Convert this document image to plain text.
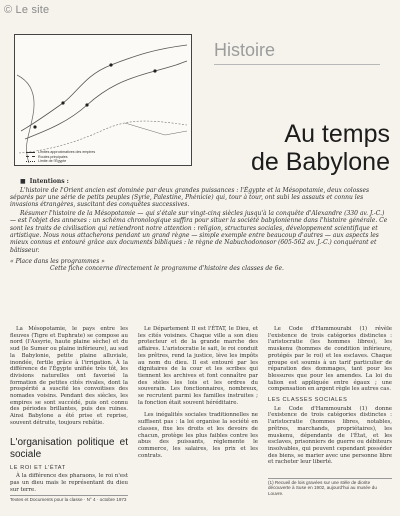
© Le site
Limites approximatives des empires
Routes principales
Limite de l'Égypte
Histoire
Au temps
de Babylone

■ Intentions :

L'histoire de l'Orient ancien est dominée par deux grandes puissances : l'Égypte et la Mésopotamie, deux colosses séparés par une série de petits peuples (Syrie, Palestine, Phénicie) qui, tour à tour, ont subi les assauts et connu les invasions étrangères, suscitant des conquêtes successives.

Résumer l'histoire de la Mésopotamie — qui s'étale sur vingt-cinq siècles jusqu'à la conquête d'Alexandre (330 av. J.-C.) — est l'objet des annexes : un schéma chronologique suffira pour situer la société babylonienne dans l'histoire générale. Ce sont les traits de civilisation qui retiendront notre attention : religion, structures sociales, développement scientifique et artistique. Nous nous attacherons pendant un grand règne — simple exemple entre beaucoup d'autres — aux aspects les mieux connus et entouré grâce aux documents bibliques : le règne de Nabuchodonosor (605-562 av. J.-C.) conquérant et bâtisseur.

« Place dans les programmes »

Cette fiche concerne directement le programme d'histoire des classes de 6e.

La Mésopotamie, le pays entre les fleuves (Tigre et Euphrate) se compose au nord (l'Assyrie, haute plaine sèche) et du sud (le Sumer ou plaine inférieure), au sud la Babylonie, petite plaine alluviale, inondée, fertile grâce à l'irrigation. À la différence de l'Égypte unifiée très tôt, les divisions naturelles ont favorisé la formation de petites cités rivales, dont la prospérité a suscité les convoitises des nomades voisins. Pendant des siècles, les empires se sont succédé, puis ont connu des périodes brillantes, puis des ruines. Ainsi Babylone a été prise et reprise, souvent détruite, toujours rebâtie.

L'organisation politique et sociale
LE ROI ET L'ÉTAT

À la différence des pharaons, le roi n'est pas un dieu mais le représentant du dieu sur terre.

Textes et Documents pour la classe · N° 4 · octobre 1973

Le Département II est l'ÉTAT, le Dieu, et les cités voisines. Chaque ville a son dieu protecteur et de la grande marche des affaires. L'aristocratie le sait, le roi conduit les prêtres, rend la justice, lève les impôts au nom du dieu. Il est entouré par les dignitaires de la cour et les scribes qui tiennent les archives et font connaître par des stèles les lois et les ordres du souverain. Les fonctionnaires, nombreux, se recrutent parmi les familles instruites ; la fonction était souvent héréditaire.

Les inégalités sociales traditionnelles ne suffisent pas : la loi organise la société en classes, fixe les droits et les devoirs de chacun, protège les plus faibles contre les abus des puissants, réglemente le commerce, les salaires, les prix et les contrats.

Le Code d'Hammourabi (1) révèle l'existence de trois catégories distinctes : l'aristocratie (les hommes libres), les muskenu (hommes de condition inférieure, protégés par le roi) et les esclaves. Chaque groupe est soumis à un tarif particulier de réparation des dommages, tant pour les blessures que pour les amendes. La loi du talion est appliquée entre égaux ; une compensation en argent règle les autres cas.

LES CLASSES SOCIALES

Le Code d'Hammourabi (1) donne l'existence de trois catégories distinctes : l'aristocratie (hommes libres, notables, prêtres, marchands, propriétaires), les muskenu, dépendants de l'État, et les esclaves, prisonniers de guerre ou débiteurs insolvables, qui peuvent cependant posséder des biens, se marier avec une personne libre et racheter leur liberté.

(1) Recueil de lois gravées sur une stèle de diorite découverte à Suse en 1902, aujourd'hui au musée du Louvre.
